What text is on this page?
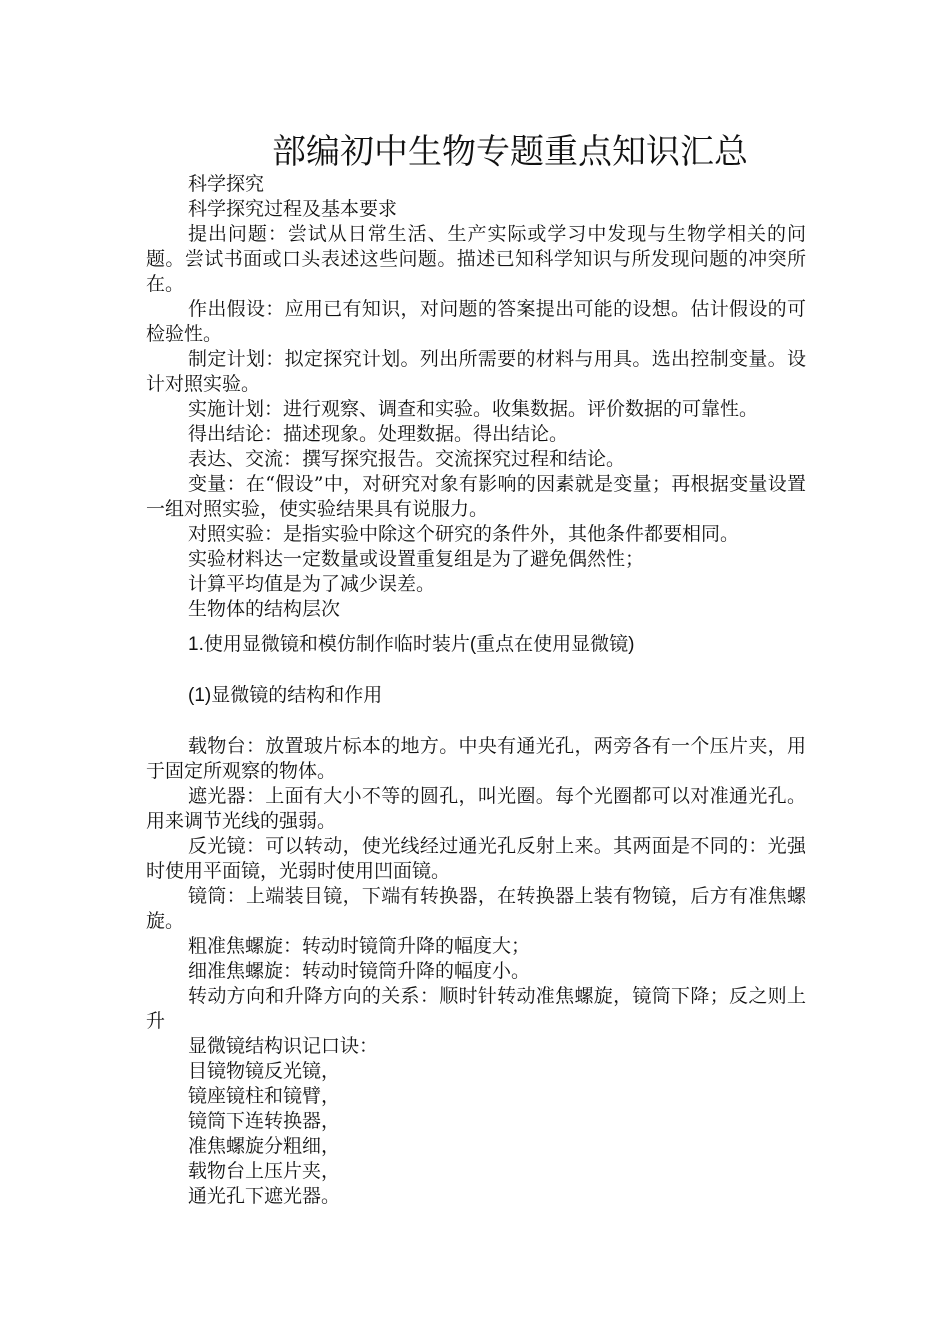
部编初中生物专题重点知识汇总

科学探究

科学探究过程及基本要求

提出问题：尝试从日常生活、生产实际或学习中发现与生物学相关的问题。尝试书面或口头表述这些问题。描述已知科学知识与所发现问题的冲突所在。

作出假设：应用已有知识，对问题的答案提出可能的设想。估计假设的可检验性。

制定计划：拟定探究计划。列出所需要的材料与用具。选出控制变量。设计对照实验。

实施计划：进行观察、调查和实验。收集数据。评价数据的可靠性。

得出结论：描述现象。处理数据。得出结论。

表达、交流：撰写探究报告。交流探究过程和结论。

变量：在“假设”中，对研究对象有影响的因素就是变量；再根据变量设置一组对照实验，使实验结果具有说服力。

对照实验：是指实验中除这个研究的条件外，其他条件都要相同。

实验材料达一定数量或设置重复组是为了避免偶然性；

计算平均值是为了减少误差。

生物体的结构层次

1.使用显微镜和模仿制作临时装片(重点在使用显微镜)

(1)显微镜的结构和作用

载物台：放置玻片标本的地方。中央有通光孔，两旁各有一个压片夹，用于固定所观察的物体。

遮光器：上面有大小不等的圆孔，叫光圈。每个光圈都可以对准通光孔。用来调节光线的强弱。

反光镜：可以转动，使光线经过通光孔反射上来。其两面是不同的：光强时使用平面镜，光弱时使用凹面镜。

镜筒：上端装目镜，下端有转换器，在转换器上装有物镜，后方有准焦螺旋。

粗准焦螺旋：转动时镜筒升降的幅度大；

细准焦螺旋：转动时镜筒升降的幅度小。

转动方向和升降方向的关系：顺时针转动准焦螺旋，镜筒下降；反之则上升

显微镜结构识记口诀：

目镜物镜反光镜，

镜座镜柱和镜臂，

镜筒下连转换器，

准焦螺旋分粗细，

载物台上压片夹，

通光孔下遮光器。
